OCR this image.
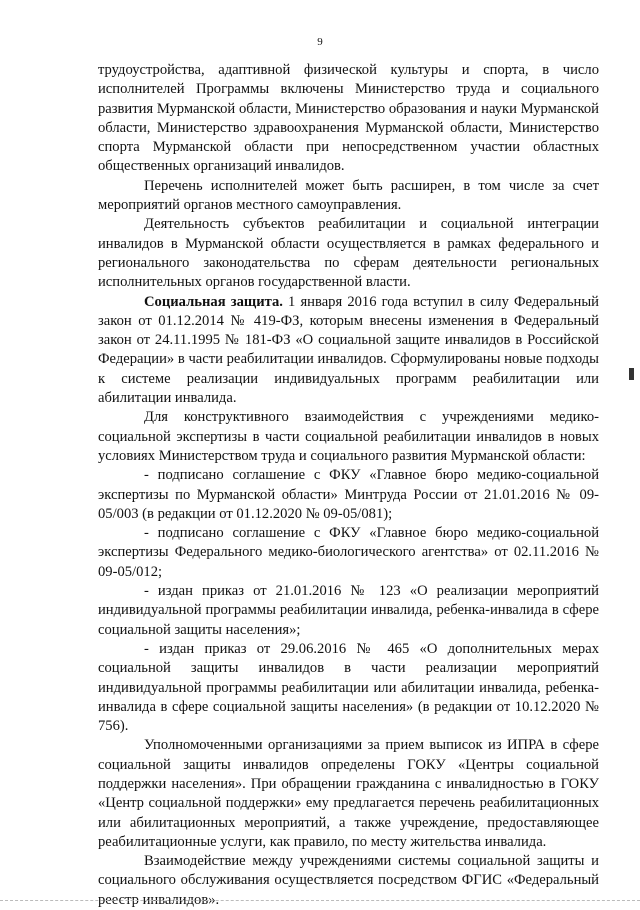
9

трудоустройства, адаптивной физической культуры и спорта, в число исполнителей Программы включены Министерство труда и социального развития Мурманской области, Министерство образования и науки Мурманской области, Министерство здравоохранения Мурманской области, Министерство спорта Мурманской области при непосредственном участии областных общественных организаций инвалидов.

Перечень исполнителей может быть расширен, в том числе за счет мероприятий органов местного самоуправления.

Деятельность субъектов реабилитации и социальной интеграции инвалидов в Мурманской области осуществляется в рамках федерального и регионального законодательства по сферам деятельности региональных исполнительных органов государственной власти.

Социальная защита. 1 января 2016 года вступил в силу Федеральный закон от 01.12.2014 № 419-ФЗ, которым внесены изменения в Федеральный закон от 24.11.1995 № 181-ФЗ «О социальной защите инвалидов в Российской Федерации» в части реабилитации инвалидов. Сформулированы новые подходы к системе реализации индивидуальных программ реабилитации или абилитации инвалида.

Для конструктивного взаимодействия с учреждениями медико-социальной экспертизы в части социальной реабилитации инвалидов в новых условиях Министерством труда и социального развития Мурманской области:

- подписано соглашение с ФКУ «Главное бюро медико-социальной экспертизы по Мурманской области» Минтруда России от 21.01.2016 № 09-05/003 (в редакции от 01.12.2020 № 09-05/081);

- подписано соглашение с ФКУ «Главное бюро медико-социальной экспертизы Федерального медико-биологического агентства» от 02.11.2016 № 09-05/012;

- издан приказ от 21.01.2016 № 123 «О реализации мероприятий индивидуальной программы реабилитации инвалида, ребенка-инвалида в сфере социальной защиты населения»;

- издан приказ от 29.06.2016 № 465 «О дополнительных мерах социальной защиты инвалидов в части реализации мероприятий индивидуальной программы реабилитации или абилитации инвалида, ребенка-инвалида в сфере социальной защиты населения» (в редакции от 10.12.2020 № 756).

Уполномоченными организациями за прием выписок из ИПРА в сфере социальной защиты инвалидов определены ГОКУ «Центры социальной поддержки населения». При обращении гражданина с инвалидностью в ГОКУ «Центр социальной поддержки» ему предлагается перечень реабилитационных или абилитационных мероприятий, а также учреждение, предоставляющее реабилитационные услуги, как правило, по месту жительства инвалида.

Взаимодействие между учреждениями системы социальной защиты и социального обслуживания осуществляется посредством ФГИС «Федеральный реестр инвалидов».
